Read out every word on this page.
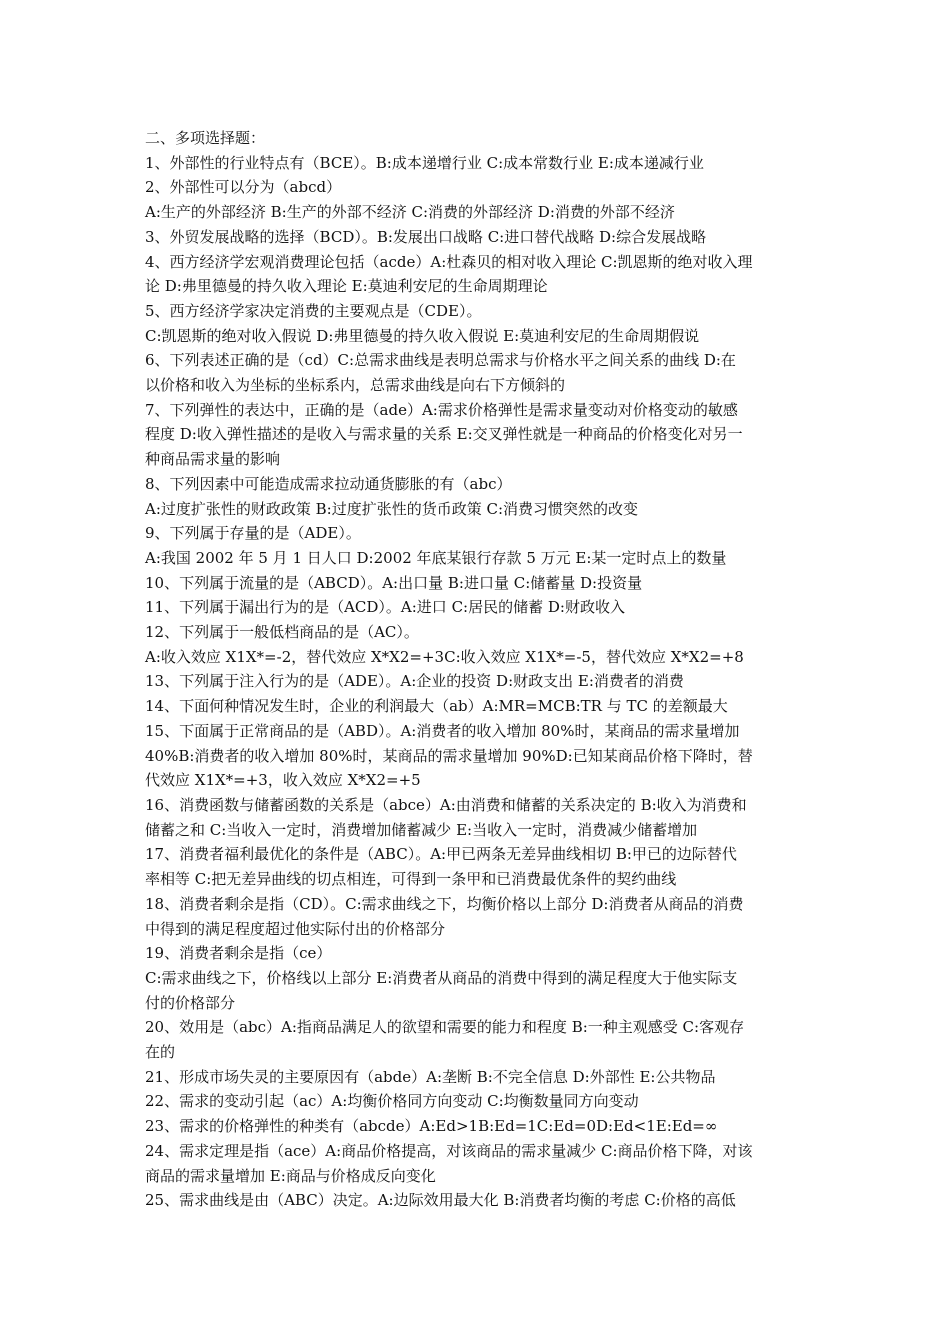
二、多项选择题：

1、外部性的行业特点有（BCE）。B:成本递增行业 C:成本常数行业 E:成本递减行业

2、外部性可以分为（abcd）

A:生产的外部经济 B:生产的外部不经济 C:消费的外部经济 D:消费的外部不经济

3、外贸发展战略的选择（BCD）。B:发展出口战略 C:进口替代战略 D:综合发展战略

4、西方经济学宏观消费理论包括（acde）A:杜森贝的相对收入理论 C:凯恩斯的绝对收入理

论 D:弗里德曼的持久收入理论 E:莫迪利安尼的生命周期理论

5、西方经济学家决定消费的主要观点是（CDE）。

C:凯恩斯的绝对收入假说 D:弗里德曼的持久收入假说 E:莫迪利安尼的生命周期假说

6、下列表述正确的是（cd）C:总需求曲线是表明总需求与价格水平之间关系的曲线 D:在

以价格和收入为坐标的坐标系内，总需求曲线是向右下方倾斜的

7、下列弹性的表达中，正确的是（ade）A:需求价格弹性是需求量变动对价格变动的敏感

程度 D:收入弹性描述的是收入与需求量的关系 E:交叉弹性就是一种商品的价格变化对另一

种商品需求量的影响

8、下列因素中可能造成需求拉动通货膨胀的有（abc）

A:过度扩张性的财政政策 B:过度扩张性的货币政策 C:消费习惯突然的改变

9、下列属于存量的是（ADE）。

A:我国 2002 年 5 月 1 日人口 D:2002 年底某银行存款 5 万元 E:某一定时点上的数量

10、下列属于流量的是（ABCD）。A:出口量 B:进口量 C:储蓄量 D:投资量

11、下列属于漏出行为的是（ACD）。A:进口 C:居民的储蓄 D:财政收入

12、下列属于一般低档商品的是（AC）。

A:收入效应 X1X*=-2，替代效应 X*X2=+3C:收入效应 X1X*=-5，替代效应 X*X2=+8

13、下列属于注入行为的是（ADE）。A:企业的投资 D:财政支出 E:消费者的消费

14、下面何种情况发生时，企业的利润最大（ab）A:MR=MCB:TR 与 TC 的差额最大

15、下面属于正常商品的是（ABD）。A:消费者的收入增加 80%时，某商品的需求量增加

40%B:消费者的收入增加 80%时，某商品的需求量增加 90%D:已知某商品价格下降时，替

代效应 X1X*=+3，收入效应 X*X2=+5

16、消费函数与储蓄函数的关系是（abce）A:由消费和储蓄的关系决定的 B:收入为消费和

储蓄之和 C:当收入一定时，消费增加储蓄减少 E:当收入一定时，消费减少储蓄增加

17、消费者福利最优化的条件是（ABC）。A:甲已两条无差异曲线相切 B:甲已的边际替代

率相等 C:把无差异曲线的切点相连，可得到一条甲和已消费最优条件的契约曲线

18、消费者剩余是指（CD）。C:需求曲线之下，均衡价格以上部分 D:消费者从商品的消费

中得到的满足程度超过他实际付出的价格部分

19、消费者剩余是指（ce）

C:需求曲线之下，价格线以上部分 E:消费者从商品的消费中得到的满足程度大于他实际支

付的价格部分

20、效用是（abc）A:指商品满足人的欲望和需要的能力和程度 B:一种主观感受 C:客观存

在的

21、形成市场失灵的主要原因有（abde）A:垄断 B:不完全信息 D:外部性 E:公共物品

22、需求的变动引起（ac）A:均衡价格同方向变动 C:均衡数量同方向变动

23、需求的价格弹性的种类有（abcde）A:Ed>1B:Ed=1C:Ed=0D:Ed<1E:Ed=∞

24、需求定理是指（ace）A:商品价格提高，对该商品的需求量减少 C:商品价格下降，对该

商品的需求量增加 E:商品与价格成反向变化

25、需求曲线是由（ABC）决定。A:边际效用最大化 B:消费者均衡的考虑 C:价格的高低
